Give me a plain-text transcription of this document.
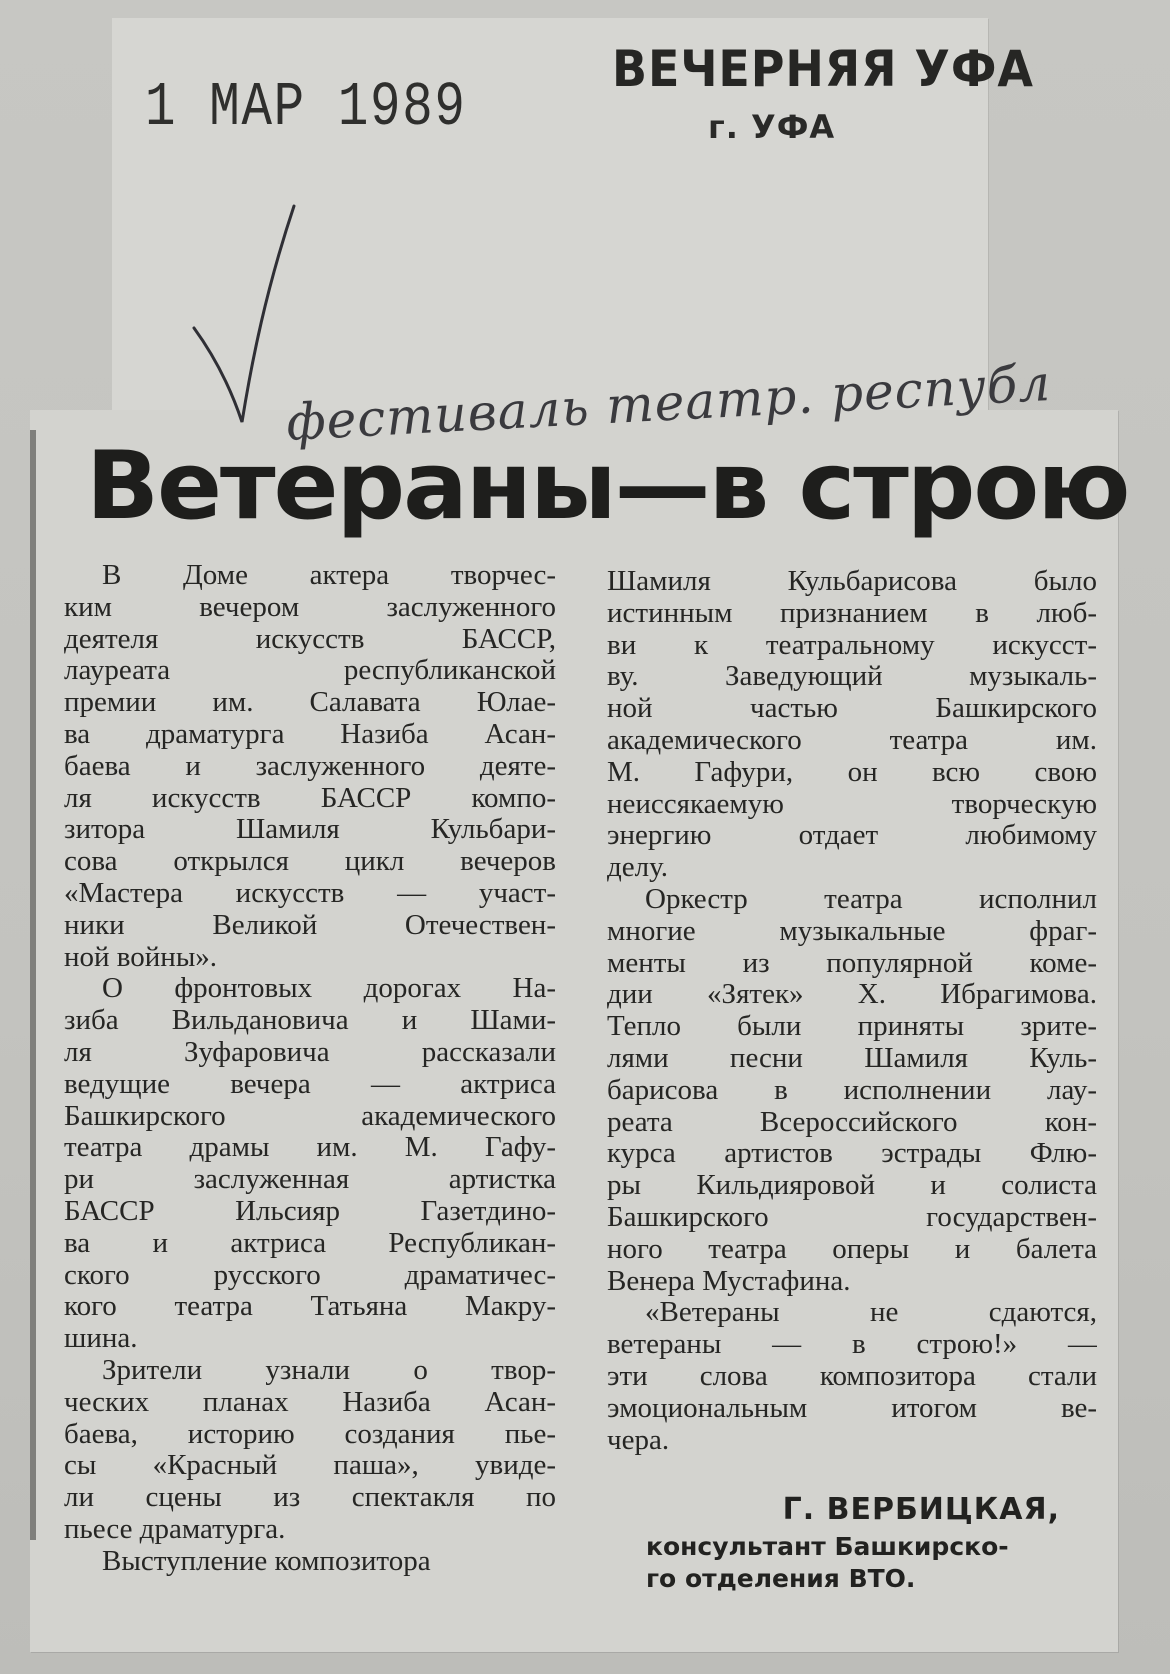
1 МАР 1989
ВЕЧЕРНЯЯ УФА
г. УФА
фестиваль театр. республ
Ветераны—в строю
В Доме актера творчес-
ким вечером заслуженного
деятеля искусств БАССР,
лауреата республиканской
премии им. Салавата Юлае-
ва драматурга Назиба Асан-
баева и заслуженного деяте-
ля искусств БАССР компо-
зитора Шамиля Кульбари-
сова открылся цикл вечеров
«Мастера искусств — участ-
ники Великой Отечествен-
ной войны».
О фронтовых дорогах На-
зиба Вильдановича и Шами-
ля Зуфаровича рассказали
ведущие вечера — актриса
Башкирского академического
театра драмы им. М. Гафу-
ри заслуженная артистка
БАССР Ильсияр Газетдино-
ва и актриса Республикан-
ского русского драматичес-
кого театра Татьяна Макру-
шина.
Зрители узнали о твор-
ческих планах Назиба Асан-
баева, историю создания пье-
сы «Красный паша», увиде-
ли сцены из спектакля по
пьесе драматурга.
Выступление композитора
Шамиля Кульбарисова было
истинным признанием в люб-
ви к театральному искусст-
ву. Заведующий музыкаль-
ной частью Башкирского
академического театра им.
М. Гафури, он всю свою
неиссякаемую творческую
энергию отдает любимому
делу.
Оркестр театра исполнил
многие музыкальные фраг-
менты из популярной коме-
дии «Зятек» Х. Ибрагимова.
Тепло были приняты зрите-
лями песни Шамиля Куль-
барисова в исполнении лау-
реата Всероссийского кон-
курса артистов эстрады Флю-
ры Кильдияровой и солиста
Башкирского государствен-
ного театра оперы и балета
Венера Мустафина.
«Ветераны не сдаются,
ветераны — в строю!» —
эти слова композитора стали
эмоциональным итогом ве-
чера.
Г. ВЕРБИЦКАЯ,
консультант Башкирско-
го отделения ВТО.
